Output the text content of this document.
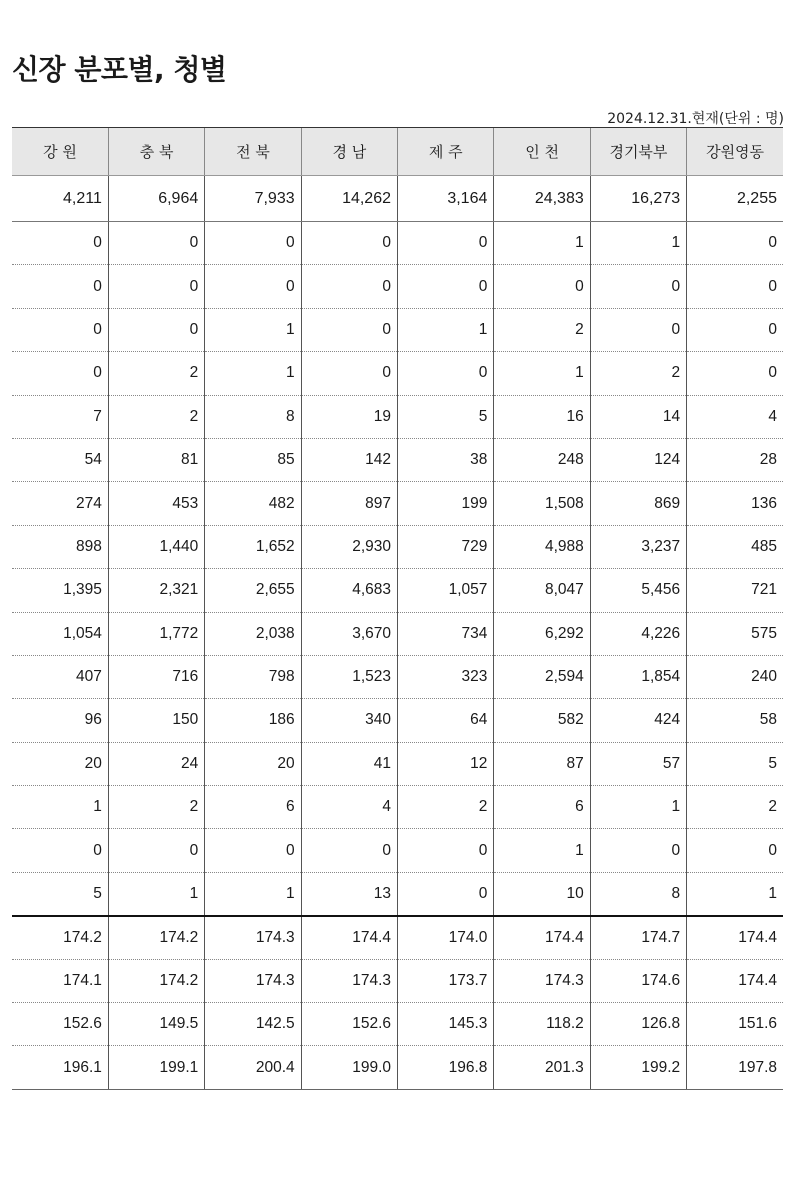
신장 분포별, 청별
2024.12.31.현재(단위 : 명)
강 원	충 북	전 북	경 남	제 주	인 천	경기북부	강원영동
4,211	6,964	7,933	14,262	3,164	24,383	16,273	2,255
0	0	0	0	0	1	1	0
0	0	0	0	0	0	0	0
0	0	1	0	1	2	0	0
0	2	1	0	0	1	2	0
7	2	8	19	5	16	14	4
54	81	85	142	38	248	124	28
274	453	482	897	199	1,508	869	136
898	1,440	1,652	2,930	729	4,988	3,237	485
1,395	2,321	2,655	4,683	1,057	8,047	5,456	721
1,054	1,772	2,038	3,670	734	6,292	4,226	575
407	716	798	1,523	323	2,594	1,854	240
96	150	186	340	64	582	424	58
20	24	20	41	12	87	57	5
1	2	6	4	2	6	1	2
0	0	0	0	0	1	0	0
5	1	1	13	0	10	8	1
174.2	174.2	174.3	174.4	174.0	174.4	174.7	174.4
174.1	174.2	174.3	174.3	173.7	174.3	174.6	174.4
152.6	149.5	142.5	152.6	145.3	118.2	126.8	151.6
196.1	199.1	200.4	199.0	196.8	201.3	199.2	197.8
